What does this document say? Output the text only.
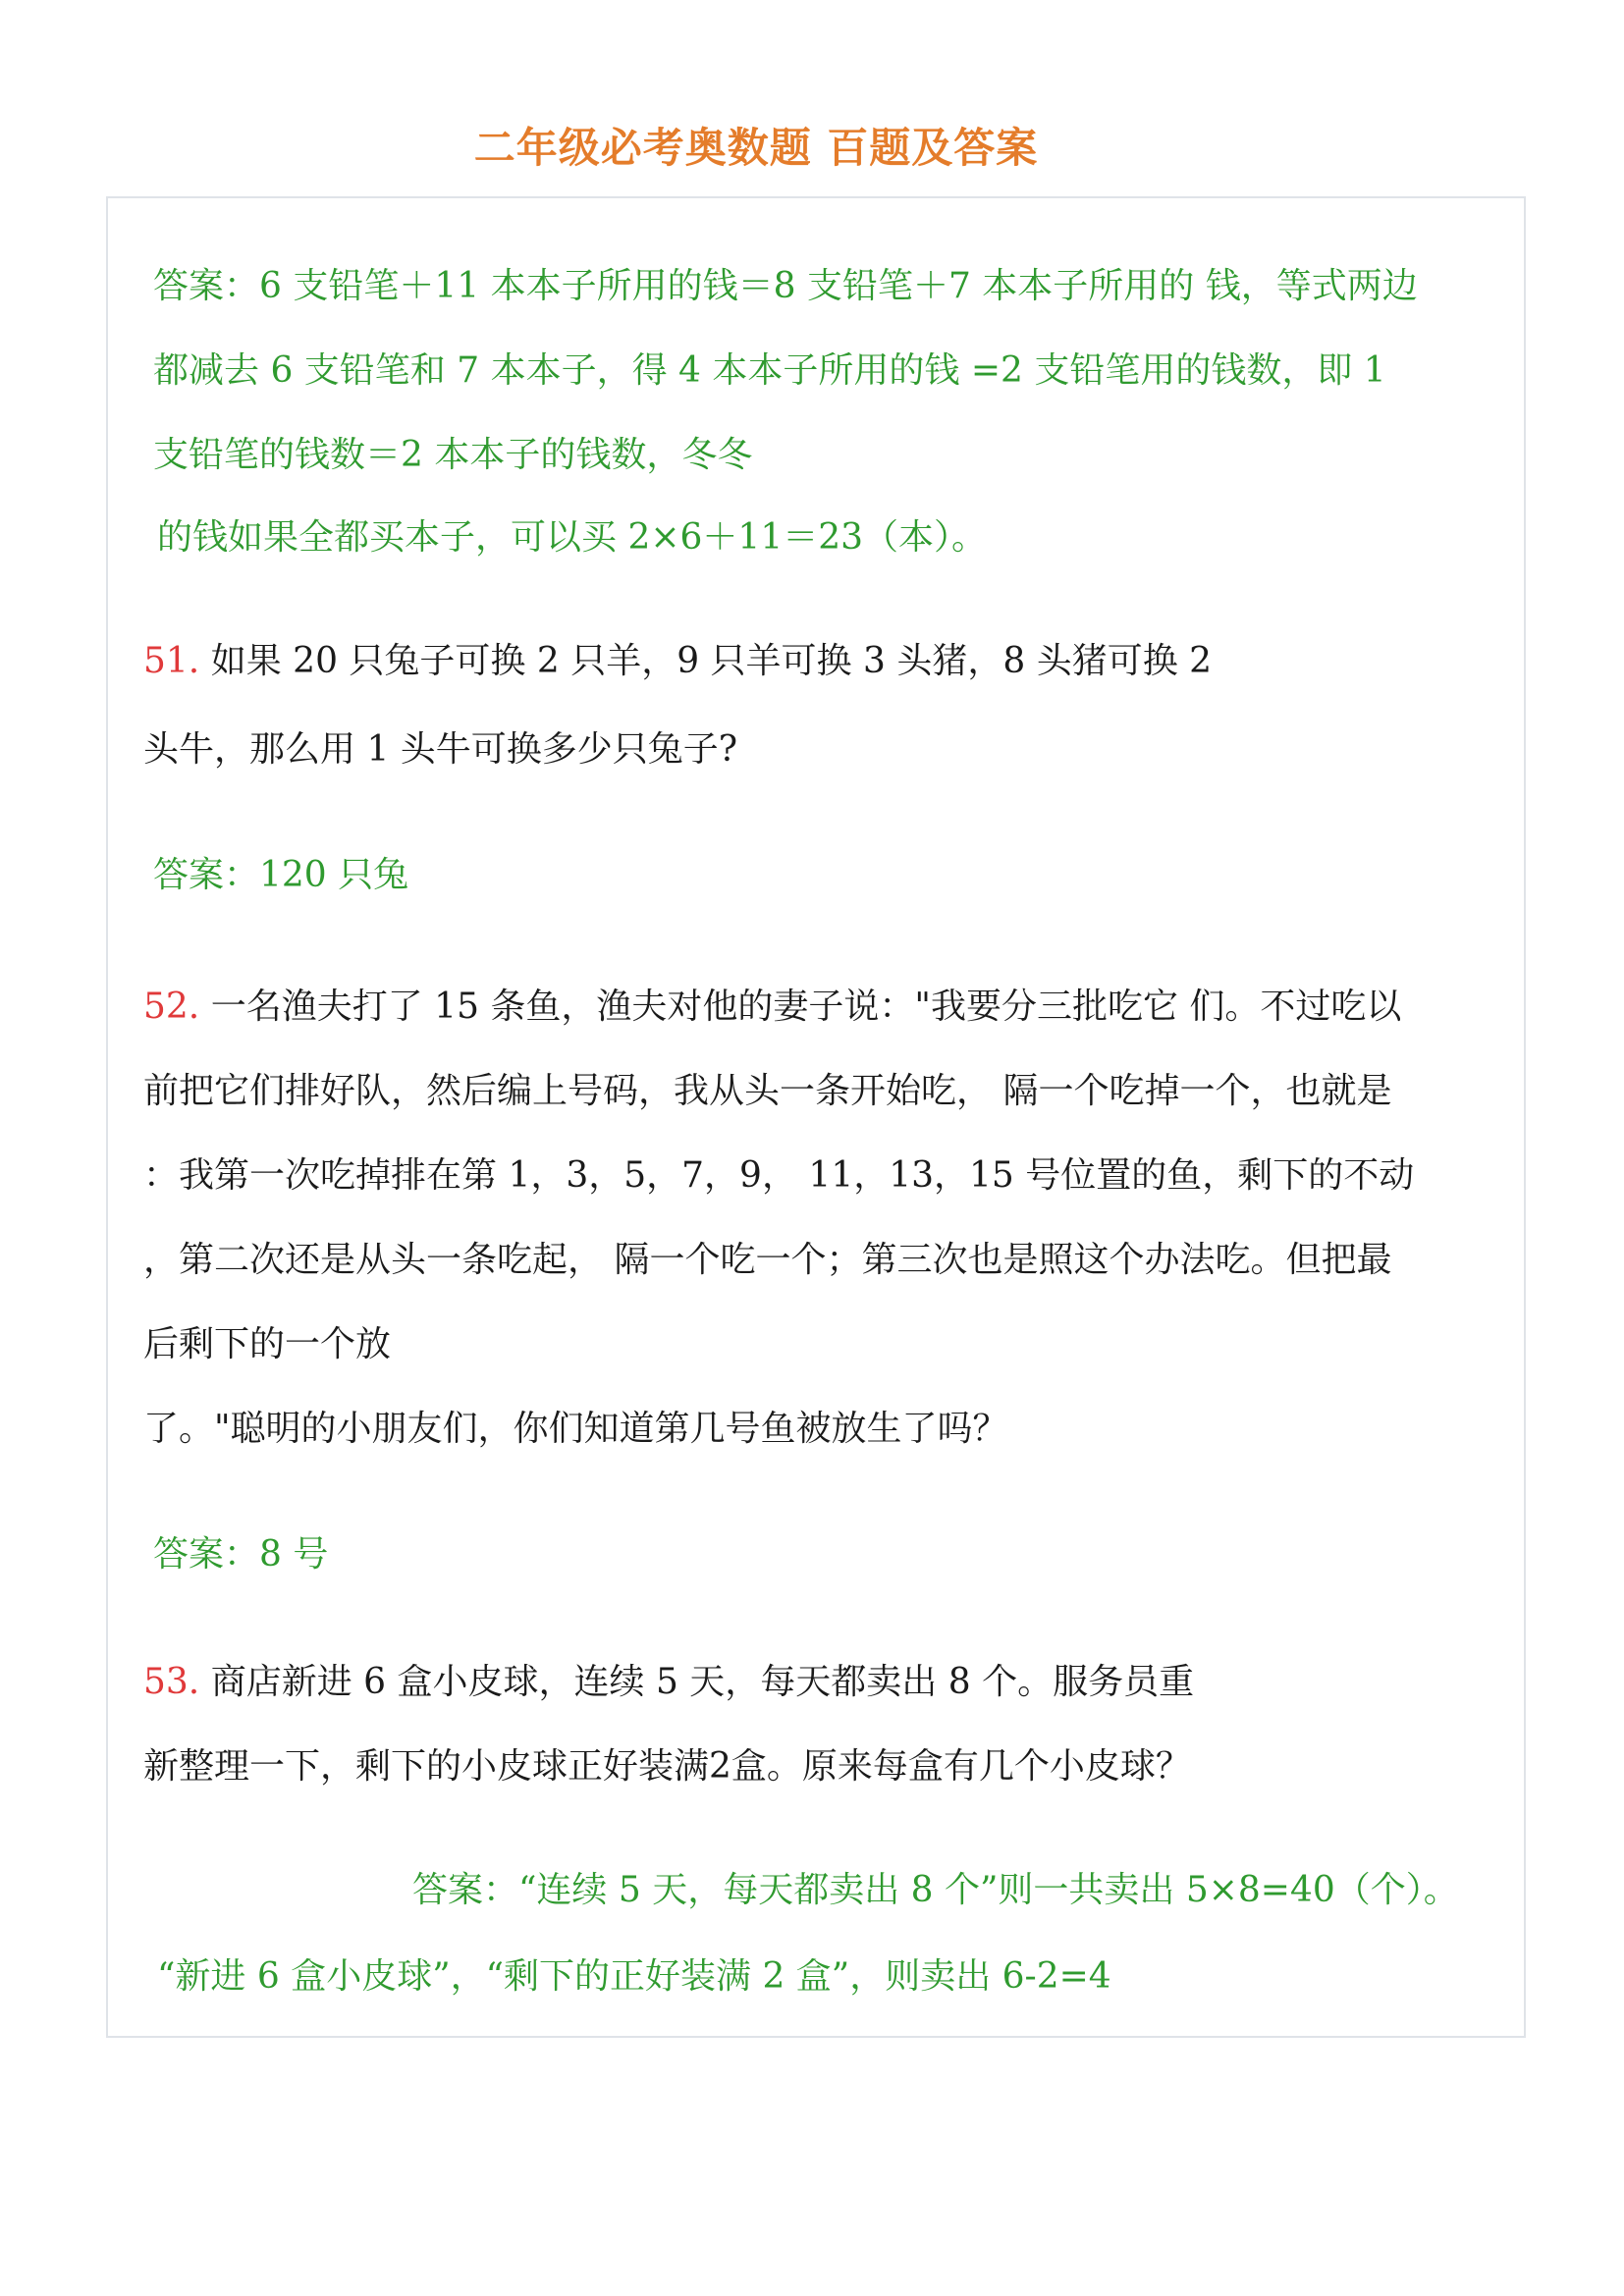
二年级必考奥数题 百题及答案
答案：6 支铅笔＋11 本本子所用的钱＝8 支铅笔＋7 本本子所用的 钱，等式两边
都减去 6 支铅笔和 7 本本子，得 4 本本子所用的钱 =2 支铅笔用的钱数，即 1
支铅笔的钱数＝2 本本子的钱数，冬冬
的钱如果全都买本子，可以买 2×6＋11＝23（本）。
51. 如果 20 只兔子可换 2 只羊，9 只羊可换 3 头猪，8 头猪可换 2
头牛，那么用 1 头牛可换多少只兔子?
答案：120 只兔
52. 一名渔夫打了 15 条鱼，渔夫对他的妻子说："我要分三批吃它 们。不过吃以
前把它们排好队，然后编上号码，我从头一条开始吃， 隔一个吃掉一个，也就是
：我第一次吃掉排在第 1，3，5，7，9， 11，13，15 号位置的鱼，剩下的不动
，第二次还是从头一条吃起， 隔一个吃一个；第三次也是照这个办法吃。但把最
后剩下的一个放
了。"聪明的小朋友们，你们知道第几号鱼被放生了吗？
答案：8 号
53. 商店新进 6 盒小皮球，连续 5 天，每天都卖出 8 个。服务员重
新整理一下，剩下的小皮球正好装满2盒。原来每盒有几个小皮球？
答案：“连续 5 天，每天都卖出 8 个”则一共卖出 5×8=40（个）。
“新进 6 盒小皮球”，“剩下的正好装满 2 盒”，则卖出 6-2=4
